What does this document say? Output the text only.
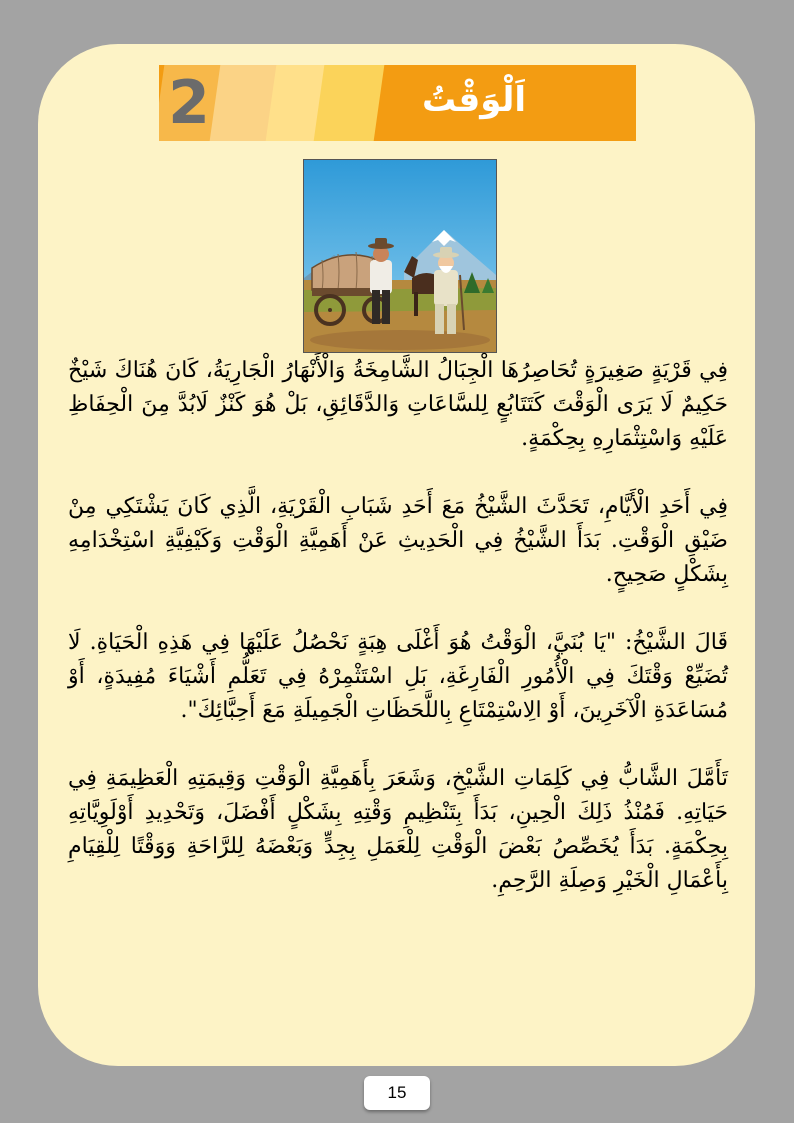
2	اَلْوَقْتُ

فِي قَرْيَةٍ صَغِيرَةٍ تُحَاصِرُهَا الْجِبَالُ الشَّامِخَةُ وَالْأَنْهَارُ الْجَارِيَةُ، كَانَ هُنَاكَ شَيْخٌ حَكِيمٌ لَا يَرَى الْوَقْتَ كَتَتَابُعٍ لِلسَّاعَاتِ وَالدَّقَائِقِ، بَلْ هُوَ كَنْزٌ لَابُدَّ مِنَ الْحِفَاظِ عَلَيْهِ وَاسْتِثْمَارِهِ بِحِكْمَةٍ.

فِي أَحَدِ الْأَيَّامِ، تَحَدَّثَ الشَّيْخُ مَعَ أَحَدِ شَبَابِ الْقَرْيَةِ، الَّذِي كَانَ يَشْتَكِي مِنْ ضَيْقِ الْوَقْتِ. بَدَأَ الشَّيْخُ فِي الْحَدِيثِ عَنْ أَهَمِيَّةِ الْوَقْتِ وَكَيْفِيَّةِ اسْتِخْدَامِهِ بِشَكْلٍ صَحِيحٍ.

قَالَ الشَّيْخُ: "يَا بُنَيَّ، الْوَقْتُ هُوَ أَغْلَى هِبَةٍ نَحْصُلُ عَلَيْهَا فِي هَذِهِ الْحَيَاةِ. لَا تُضَيِّعْ وَقْتَكَ فِي الْأُمُورِ الْفَارِغَةِ، بَلِ اسْتَثْمِرْهُ فِي تَعَلُّمِ أَشْيَاءَ مُفِيدَةٍ، أَوْ مُسَاعَدَةِ الْآخَرِينَ، أَوْ الِاسْتِمْتَاعِ بِاللَّحَظَاتِ الْجَمِيلَةِ مَعَ أَحِبَّائِكَ".

تَأَمَّلَ الشَّابُّ فِي كَلِمَاتِ الشَّيْخِ، وَشَعَرَ بِأَهَمِيَّةِ الْوَقْتِ وَقِيمَتِهِ الْعَظِيمَةِ فِي حَيَاتِهِ. فَمُنْذُ ذَلِكَ الْحِينِ، بَدَأَ بِتَنْظِيمِ وَقْتِهِ بِشَكْلٍ أَفْضَلَ، وَتَحْدِيدِ أَوْلَوِيَّاتِهِ بِحِكْمَةٍ. بَدَأَ يُخَصِّصُ بَعْضَ الْوَقْتِ لِلْعَمَلِ بِجِدٍّ وَبَعْضَهُ لِلرَّاحَةِ وَوَقْتًا لِلْقِيَامِ بِأَعْمَالِ الْخَيْرِ وَصِلَةِ الرَّحِمِ.

15
